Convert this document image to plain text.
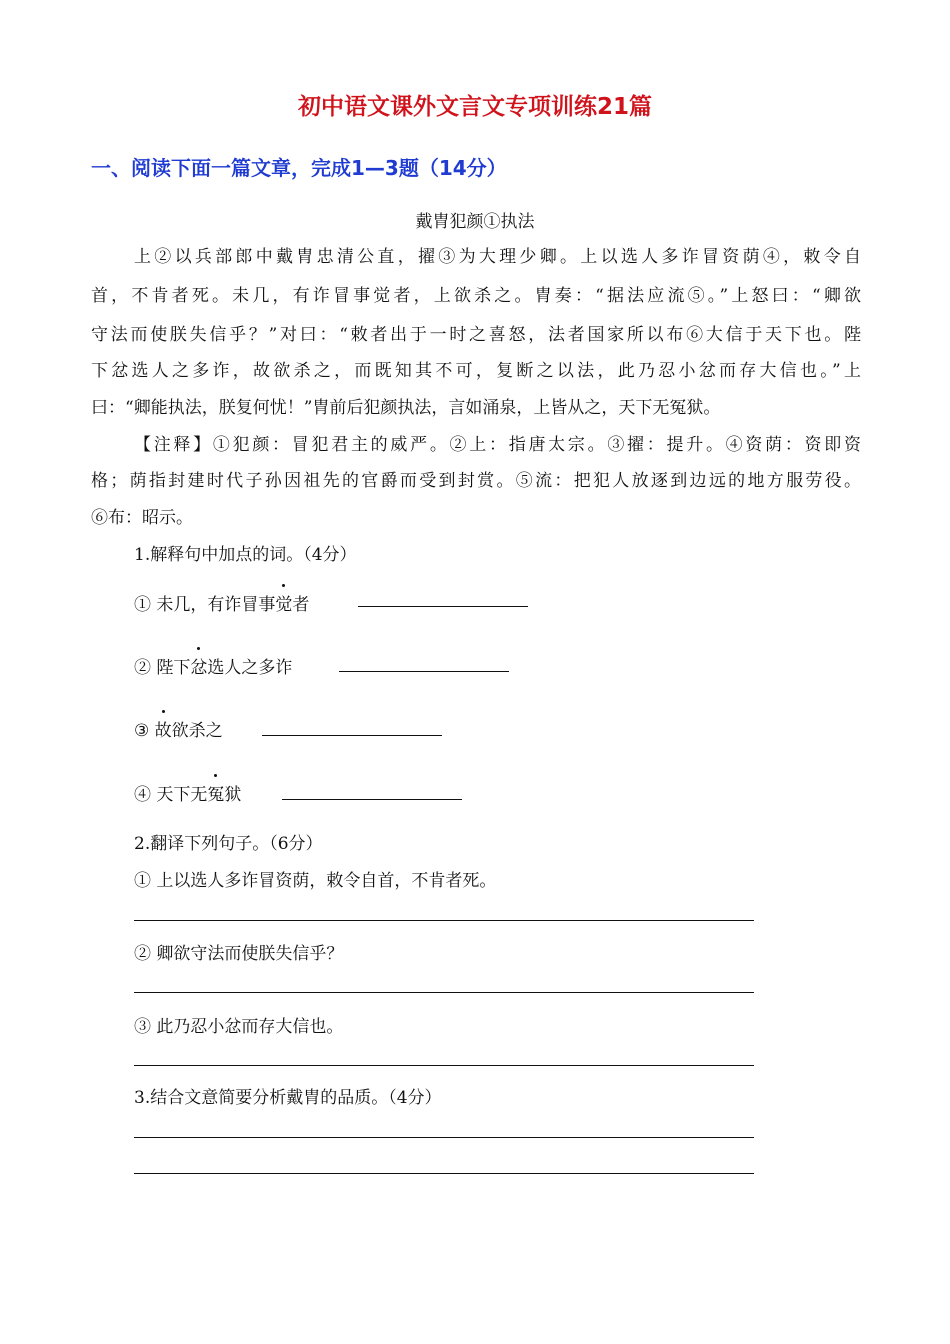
初中语文课外文言文专项训练21篇
一、阅读下面一篇文章，完成1—3题（14分）
戴胄犯颜①执法
上②以兵部郎中戴胄忠清公直，擢③为大理少卿。上以选人多诈冒资荫④，敕令自
首，不肯者死。未几，有诈冒事觉者，上欲杀之。胄奏：“据法应流⑤。”上怒曰：“卿欲
守法而使朕失信乎？”对曰：“敕者出于一时之喜怒，法者国家所以布⑥大信于天下也。陛
下忿选人之多诈，故欲杀之，而既知其不可，复断之以法，此乃忍小忿而存大信也。”上
曰：“卿能执法，朕复何忧！”胄前后犯颜执法，言如涌泉，上皆从之，天下无冤狱。
【注释】①犯颜：冒犯君主的威严。②上：指唐太宗。③擢：提升。④资荫：资即资
格；荫指封建时代子孙因祖先的官爵而受到封赏。⑤流：把犯人放逐到边远的地方服劳役。
⑥布：昭示。
1.解释句中加点的词。（4分）
① 未几，有诈冒事觉者
② 陛下忿选人之多诈
③ 故欲杀之
④ 天下无冤狱
2.翻译下列句子。（6分）
① 上以选人多诈冒资荫，敕令自首，不肯者死。
② 卿欲守法而使朕失信乎？
③ 此乃忍小忿而存大信也。
3.结合文意简要分析戴胄的品质。（4分）
